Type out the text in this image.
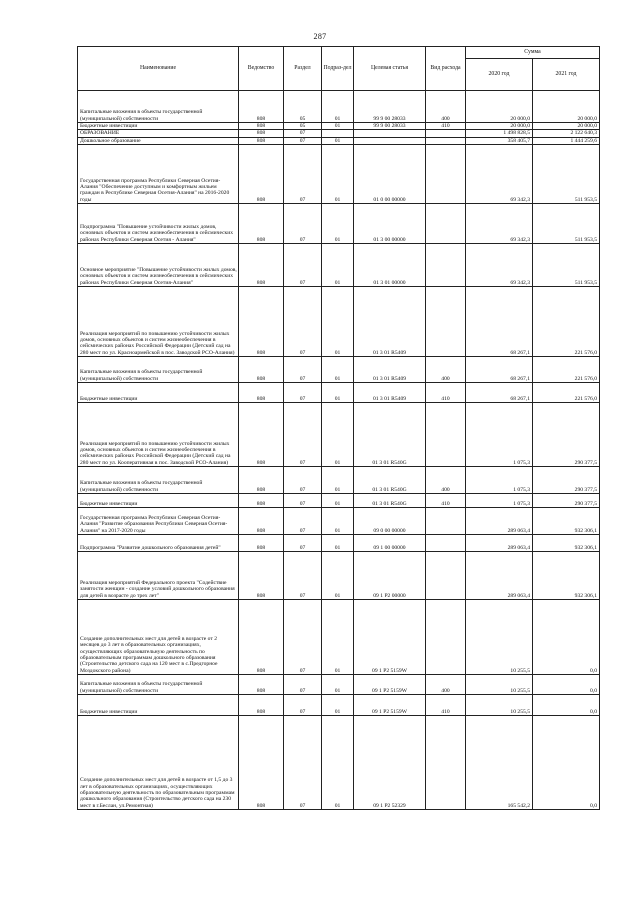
287
Наименование	Ведомство	Раздел	Подраз-дел	Целевая статья	Вид расхода	Сумма	
						2020 год	2021 год
Капитальные вложения в объекты государственной (муниципальной) собственности	808	05	01	99 9 00 28033	400	20 000,0	20 000,0
Бюджетные инвестиции	808	05	01	99 9 00 28033	410	20 000,0	20 000,0
ОБРАЗОВАНИЕ	808	07				1 498 828,5	2 122 640,3
Дошкольное образование	808	07	01			358 405,7	1 444 259,6
Государственная программа Республики Северная Осетия-Алания "Обеспечение доступным и комфортным жильем граждан в Республике Северная Осетия-Алания" на 2016-2020 годы	808	07	01	01 0 00 00000		69 342,3	511 953,5
Подпрограмма "Повышение устойчивости жилых домов, основных объектов и систем жизнеобеспечения в сейсмических районах Республики Северная Осетия - Алания"	808	07	01	01 3 00 00000		69 342,3	511 953,5
Основное мероприятие "Повышение устойчивости жилых домов, основных объектов и систем жизнеобеспечения в сейсмических районах Республики Северная Осетия-Алания"	808	07	01	01 3 01 00000		69 342,3	511 953,5
Реализация мероприятий по повышению устойчивости жилых домов, основных объектов и систем жизнеобеспечения в сейсмических районах Российской Федерации (Детский сад на 280 мест по ул. Красноармейской в пос. Заводской РСО-Алания)	808	07	01	01 3 01 R5409		68 267,1	221 576,0
Капитальные вложения в объекты государственной (муниципальной) собственности	808	07	01	01 3 01 R5409	400	68 267,1	221 576,0
Бюджетные инвестиции	808	07	01	01 3 01 R5409	410	68 267,1	221 576,0
Реализация мероприятий по повышению устойчивости жилых домов, основных объектов и систем жизнеобеспечения в сейсмических районах Российской Федерации (Детский сад на 280 мест по ул. Кооперативная в пос. Заводской РСО-Алания)	808	07	01	01 3 01 R540G		1 075,3	290 377,5
Капитальные вложения в объекты государственной (муниципальной) собственности	808	07	01	01 3 01 R540G	400	1 075,3	290 377,5
Бюджетные инвестиции	808	07	01	01 3 01 R540G	410	1 075,3	290 377,5
Государственная программа Республики Северная Осетия-Алания "Развитие образования Республики Северная Осетия-Алания" на 2017-2020 годы	808	07	01	09 0 00 00000		289 063,4	932 306,1
Подпрограмма "Развитие дошкольного образования детей"	808	07	01	09 1 00 00000		289 063,4	932 306,1
Реализация мероприятий Федерального проекта "Содействие занятости женщин - создание условий дошкольного образования для детей в возрасте до трех лет"	808	07	01	09 1 P2 00000		289 063,4	932 306,1
Создание дополнительных мест для детей в возрасте от 2 месяцев до 3 лет в образовательных организациях, осуществляющих образовательную деятельность по образовательным программам дошкольного образования (Строительство детского сада на 120 мест в с.Предгорное Моздокского района)	808	07	01	09 1 P2 5159W		10 255,5	0,0
Капитальные вложения в объекты государственной (муниципальной) собственности	808	07	01	09 1 P2 5159W	400	10 255,5	0,0
Бюджетные инвестиции	808	07	01	09 1 P2 5159W	410	10 255,5	0,0
Создание дополнительных мест для детей в возрасте от 1,5 до 3 лет в образовательных организациях, осуществляющих образовательную деятельность по образовательным программам дошкольного образования (Строительство детского сада на 230 мест в г.Беслан, ул.Ремонтная)	808	07	01	09 1 P2 52329		165 542,2	0,0
